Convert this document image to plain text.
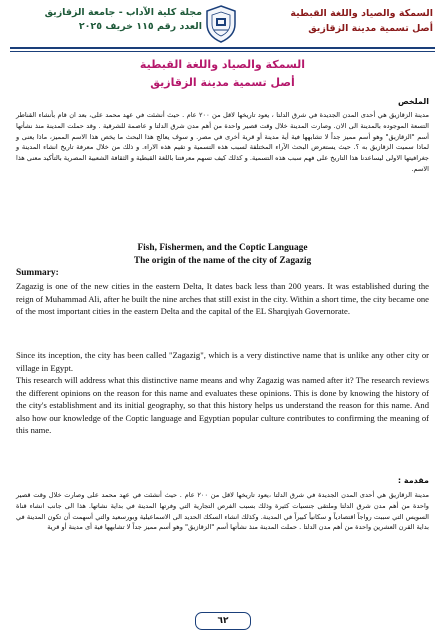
السمكة والصياد واللغة القبطية
أصل تسمية مدينة الزقازيق
مجلة كلية الآداب - جامعة الزقازيق
العدد رقم ١١٥ خريف ٢٠٢٥
السمكة والصياد واللغة القبطية
أصل تسمية مدينة الزقازيق
الملخص
مدينة الزقازيق هي أحدى المدن الجديدة في شرق الدلتا ، يعود تاريخها لاقل من ٢٠٠ عام . حيث أنشئت في عهد محمد على، بعد ان قام بأنشاء القناطر التسعة الموجوده بالمدينة الى الان. وصارت المدينة خلال وقت قصير واحدة من أهم مدن شرق الدلتا و عاصمة للشرقية . وقد حملت المدينة منذ نشأتها أسم "الزقازيق" وهو أسم مميز جداً لا تشابهها فية أية مدينة أو قرية أخرى في مصر. و سوف يعالج هذا البحث ما يخص هذا الاسم المميز، ماذا يعنى و لماذا سميت الزقازيق به ؟. حيث يستعرض البحث الآراء المختلفة لسبب هذه التسمية و تقيم هذه الاراء. و ذلك من خلال معرفة تاريخ انشاء المدينة و جغرافيتها الاولى ليساعدنا هذا التاريخ على فهم سبب هذه التسمية. و كذلك كيف تسهم معرفتنا باللغة القبطية و الثقافة الشعبية المصرية بالتأكيد معنى هذا الاسم.
Fish, Fishermen, and the Coptic Language
The origin of the name of the city of Zagazig
Summary:
Zagazig is one of the new cities in the eastern Delta, It dates back less than 200 years. It was established during the reign of Muhammad Ali, after he built the nine arches that still exist in the city. Within a short time, the city became one of the most important cities in the eastern Delta and the capital of the EL Sharqiyah Governorate.
Since its inception, the city has been called "Zagazig", which is a very distinctive name that is unlike any other city or village in Egypt.
This research will address what this distinctive name means and why Zagazig was named after it? The research reviews the different opinions on the reason for this name and evaluates these opinions. This is done by knowing the history of the city's establishment and its initial geography, so that this history helps us understand the reason for this name. And also how our knowledge of the Coptic language and Egyptian popular culture contributes to confirming the meaning of this name.
مقدمة :
مدينة الزقازيق هي أحدى المدن الجديدة في شرق الدلتا ،يعود تاريخها لاقل من ٢٠٠ عام . حيث أنشئت في عهد محمد على وصارت خلال وقت قصير واحدة من أهم مدن شرق الدلتا وملتقى جنسيات كثيرة وذلك بسبب الفرص التجارية التي وفرتها المدينة في بداية نشاتها. هذا الى جانب انشاء قناة السويس التي سببت رواجاً اقتصادياً و سكانياً كبيراً في المدينة. وكذلك انشاء السكك الحديد الى الاسماعيلية وبورسعيد والتي أسهمت أن تكون المدينة في بداية القرن العشرين واحدة من أهم مدن الدلتا . حملت المدينة منذ نشأتها أسم "الزقازيق" وهو أسم مميز جداً لا تشابهها فية أى مدينة أو قرية
٦٢
